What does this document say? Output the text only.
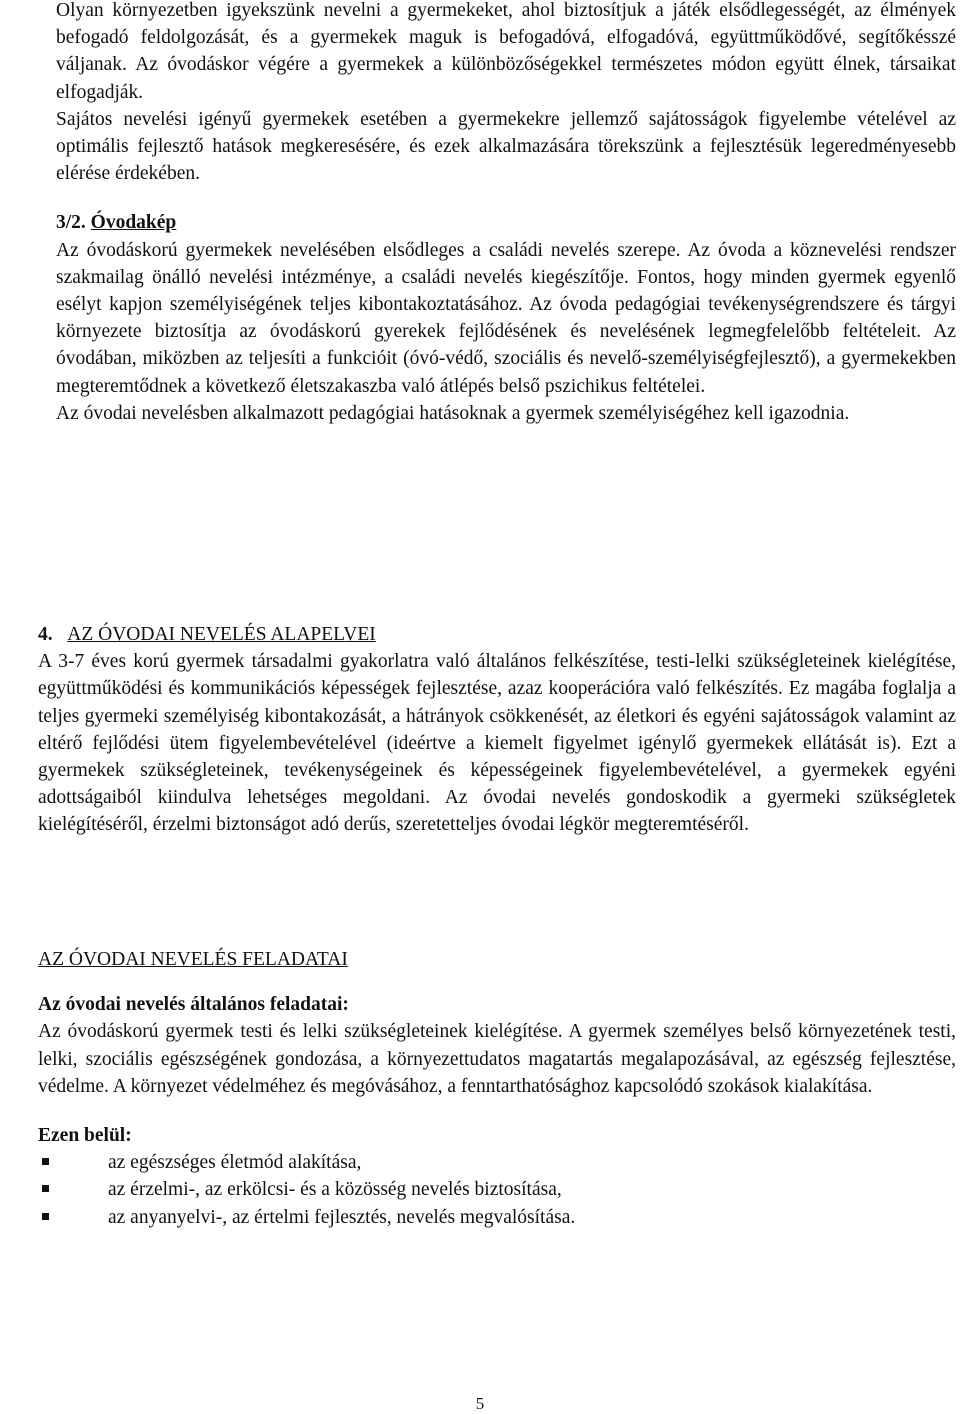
Olyan környezetben igyekszünk nevelni a gyermekeket, ahol biztosítjuk a játék elsődlegességét, az élmények befogadó feldolgozását, és a gyermekek maguk is befogadóvá, elfogadóvá, együttműködővé, segítőkésszé váljanak. Az óvodáskor végére a gyermekek a különbözőségekkel természetes módon együtt élnek, társaikat elfogadják.

Sajátos nevelési igényű gyermekek esetében a gyermekekre jellemző sajátosságok figyelembe vételével az optimális fejlesztő hatások megkeresésére, és ezek alkalmazására törekszünk a fejlesztésük legeredményesebb elérése érdekében.

3/2. Óvodakép

Az óvodáskorú gyermekek nevelésében elsődleges a családi nevelés szerepe. Az óvoda a köznevelési rendszer szakmailag önálló nevelési intézménye, a családi nevelés kiegészítője. Fontos, hogy minden gyermek egyenlő esélyt kapjon személyiségének teljes kibontakoztatásához. Az óvoda pedagógiai tevékenységrendszere és tárgyi környezete biztosítja az óvodáskorú gyerekek fejlődésének és nevelésének legmegfelelőbb feltételeit. Az óvodában, miközben az teljesíti a funkcióit (óvó-védő, szociális és nevelő-személyiségfejlesztő), a gyermekekben megteremtődnek a következő életszakaszba való átlépés belső pszichikus feltételei.

Az óvodai nevelésben alkalmazott pedagógiai hatásoknak a gyermek személyiségéhez kell igazodnia.

4. AZ ÓVODAI NEVELÉS ALAPELVEI

A 3-7 éves korú gyermek társadalmi gyakorlatra való általános felkészítése, testi-lelki szükségleteinek kielégítése, együttműködési és kommunikációs képességek fejlesztése, azaz kooperációra való felkészítés. Ez magába foglalja a teljes gyermeki személyiség kibontakozását, a hátrányok csökkenését, az életkori és egyéni sajátosságok valamint az eltérő fejlődési ütem figyelembevételével (ideértve a kiemelt figyelmet igénylő gyermekek ellátását is). Ezt a gyermekek szükségleteinek, tevékenységeinek és képességeinek figyelembevételével, a gyermekek egyéni adottságaiból kiindulva lehetséges megoldani. Az óvodai nevelés gondoskodik a gyermeki szükségletek kielégítéséről, érzelmi biztonságot adó derűs, szeretetteljes óvodai légkör megteremtéséről.

AZ ÓVODAI NEVELÉS FELADATAI

Az óvodai nevelés általános feladatai:

Az óvodáskorú gyermek testi és lelki szükségleteinek kielégítése. A gyermek személyes belső környezetének testi, lelki, szociális egészségének gondozása, a környezettudatos magatartás megalapozásával, az egészség fejlesztése, védelme. A környezet védelméhez és megóvásához, a fenntarthatósághoz kapcsolódó szokások kialakítása.

Ezen belül:

az egészséges életmód alakítása,
az érzelmi-, az erkölcsi- és a közösség nevelés biztosítása,
az anyanyelvi-, az értelmi fejlesztés, nevelés megvalósítása.
5
